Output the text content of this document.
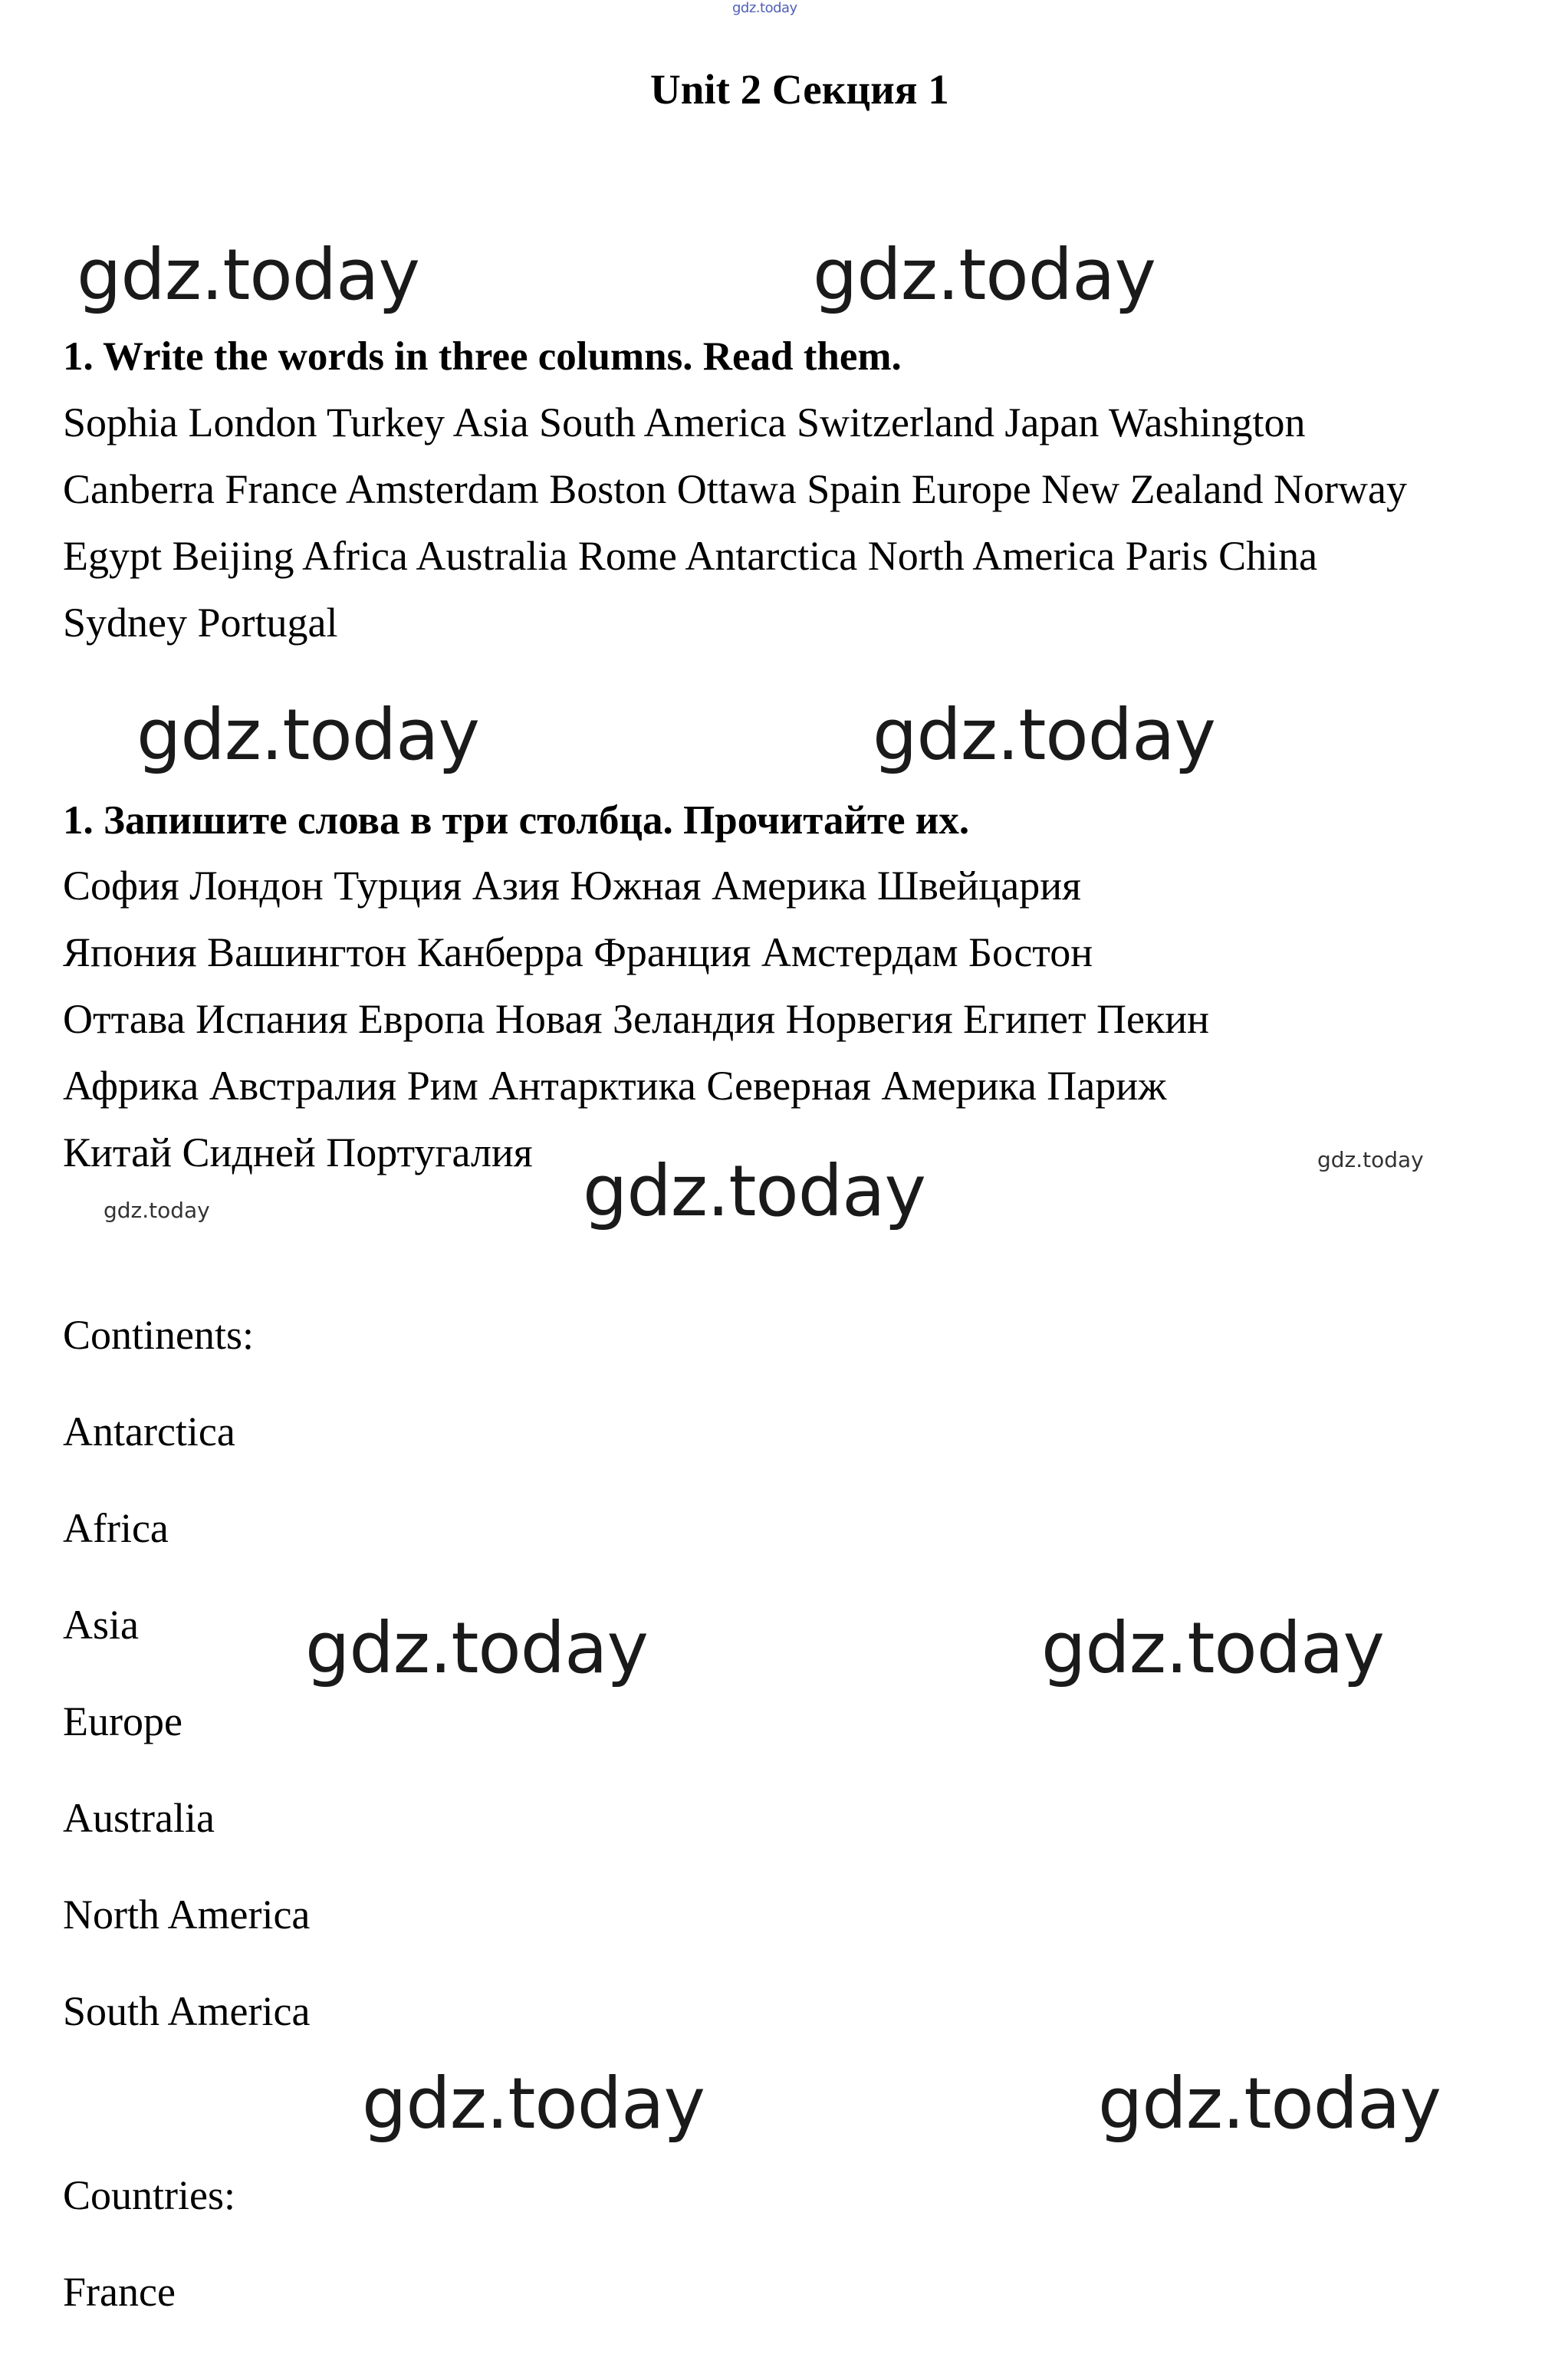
gdz.today
Unit 2 Секция 1
gdz.today	gdz.today
1. Write the words in three columns. Read them.
Sophia London Turkey Asia South America Switzerland Japan Washington
Canberra France Amsterdam Boston Ottawa Spain Europe New Zealand Norway
Egypt Beijing Africa Australia Rome Antarctica North America Paris China
Sydney Portugal
gdz.today	gdz.today
1. Запишите слова в три столбца. Прочитайте их.
София Лондон Турция Азия Южная Америка Швейцария
Япония Вашингтон Канберра Франция Амстердам Бостон
Оттава Испания Европа Новая Зеландия Норвегия Египет Пекин
Африка Австралия Рим Антарктика Северная Америка Париж
Китай Сидней Португалия gdz.today	gdz.today
gdz.today
Continents:
Antarctica
Africa
Asia
Europe
Australia
North America
South America
gdz.today	gdz.today
gdz.today	gdz.today
Countries:
France
